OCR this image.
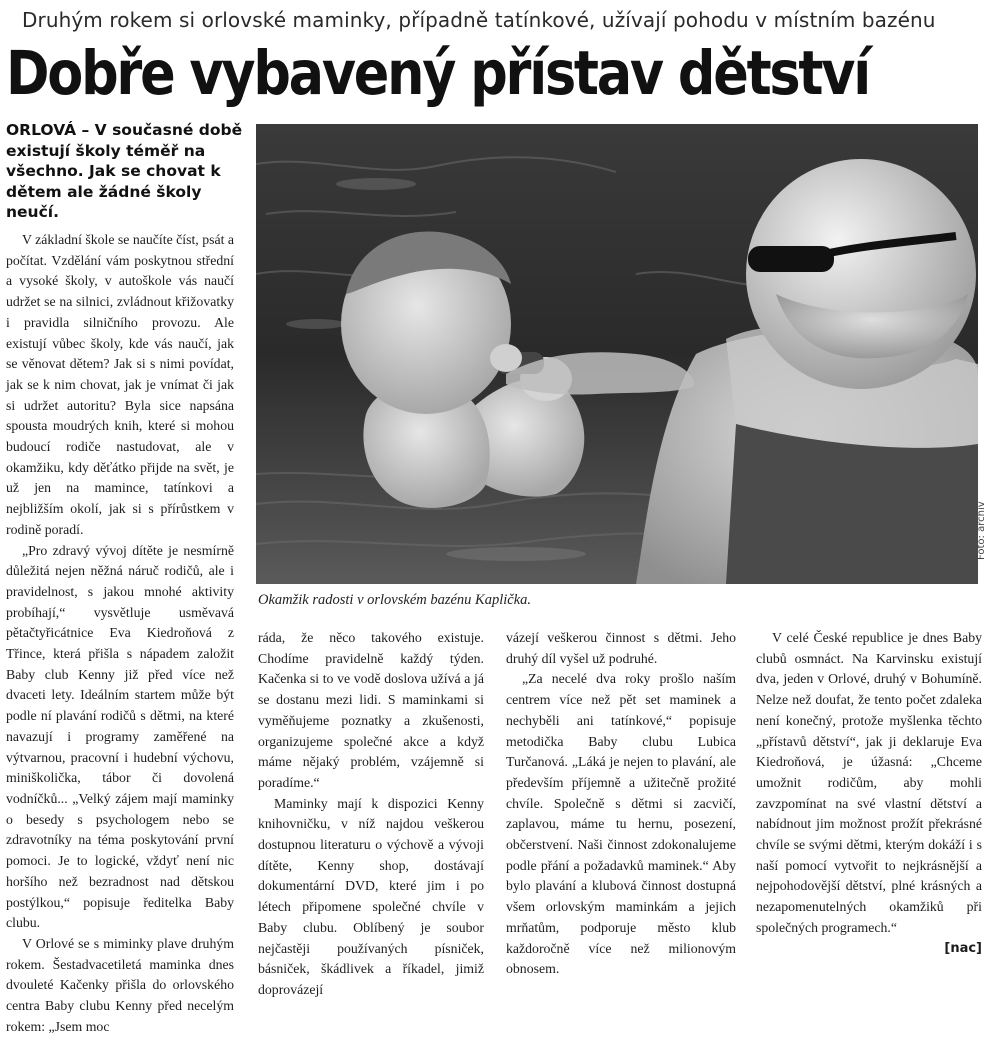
Druhým rokem si orlovské maminky, případně tatínkové, užívají pohodu v místním bazénu
Dobře vybavený přístav dětství
ORLOVÁ – V současné době existují školy téměř na všechno. Jak se chovat k dětem ale žádné školy neučí.
Foto: archiv
Okamžik radosti v orlovském bazénu Kaplička.

V základní škole se naučíte číst, psát a počítat. Vzdělání vám poskytnou střední a vysoké školy, v autoškole vás naučí udržet se na silnici, zvládnout křižovatky i pravidla silničního provozu. Ale existují vůbec školy, kde vás naučí, jak se věnovat dětem? Jak si s nimi povídat, jak se k nim chovat, jak je vnímat či jak si udržet autoritu? Byla sice napsána spousta moudrých knih, které si mohou budoucí rodiče nastudovat, ale v okamžiku, kdy děťátko přijde na svět, je už jen na mamince, tatínkovi a nejbližším okolí, jak si s přírůstkem v rodině poradí.

„Pro zdravý vývoj dítěte je nesmírně důležitá nejen něžná náruč rodičů, ale i pravidelnost, s jakou mnohé aktivity probíhají,“ vysvětluje usměvavá pětačtyřicátnice Eva Kiedroňová z Třince, která přišla s nápadem založit Baby club Kenny již před více než dvaceti lety. Ideálním startem může být podle ní plavání rodičů s dětmi, na které navazují i programy zaměřené na výtvarnou, pracovní i hudební výchovu, miniškolička, tábor či dovolená vodníčků... „Velký zájem mají maminky o besedy s psychologem nebo se zdravotníky na téma poskytování první pomoci. Je to logické, vždyť není nic horšího než bezradnost nad dětskou postýlkou,“ popisuje ředitelka Baby clubu.

V Orlové se s miminky plave druhým rokem. Šestadvacetiletá maminka dnes dvouleté Kačenky přišla do orlovského centra Baby clubu Kenny před necelým rokem: „Jsem moc

ráda, že něco takového existuje. Chodíme pravidelně každý týden. Kačenka si to ve vodě doslova užívá a já se dostanu mezi lidi. S maminkami si vyměňujeme poznatky a zkušenosti, organizujeme společné akce a když máme nějaký problém, vzájemně si poradíme.“

Maminky mají k dispozici Kenny knihovničku, v níž najdou veškerou dostupnou literaturu o výchově a vývoji dítěte, Kenny shop, dostávají dokumentární DVD, které jim i po létech připomene společné chvíle v Baby clubu. Oblíbený je soubor nejčastěji používaných písniček, básniček, škádlivek a říkadel, jimiž doprovázejí

vázejí veškerou činnost s dětmi. Jeho druhý díl vyšel už podruhé.

„Za necelé dva roky prošlo naším centrem více než pět set maminek a nechyběli ani tatínkové,“ popisuje metodička Baby clubu Lubica Turčanová. „Láká je nejen to plavání, ale především příjemně a užitečně prožité chvíle. Společně s dětmi si zacvičí, zaplavou, máme tu hernu, posezení, občerstvení. Naši činnost zdokonalujeme podle přání a požadavků maminek.“ Aby bylo plavání a klubová činnost dostupná všem orlovským maminkám a jejich mrňatům, podporuje město klub každoročně více než milionovým obnosem.

V celé České republice je dnes Baby clubů osmnáct. Na Karvinsku existují dva, jeden v Orlové, druhý v Bohumíně. Nelze než doufat, že tento počet zdaleka není konečný, protože myšlenka těchto „přístavů dětství“, jak ji deklaruje Eva Kiedroňová, je úžasná: „Chceme umožnit rodičům, aby mohli zavzpomínat na své vlastní dětství a nabídnout jim možnost prožít překrásné chvíle se svými dětmi, kterým dokáží i s naší pomocí vytvořit to nejkrásnější a nejpohodovější dětství, plné krásných a nezapomenutelných okamžiků při společných programech.“

[nac]
